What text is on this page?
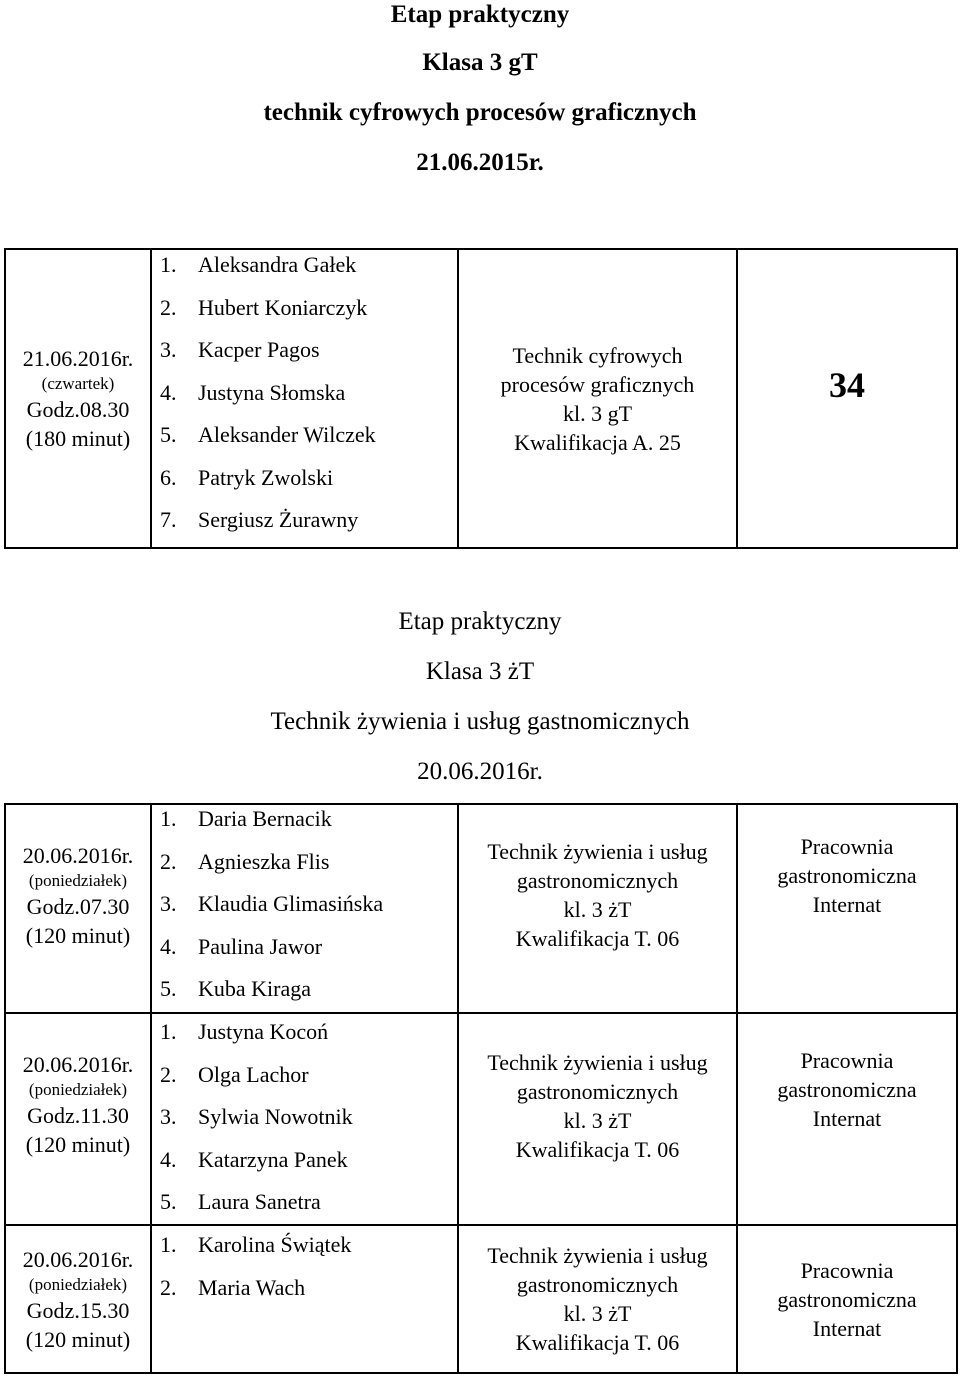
Etap praktyczny
Klasa 3 gT
technik cyfrowych procesów graficznych
21.06.2015r.
21.06.2016r.
(czwartek)
Godz.08.30
(180 minut)
1. Aleksandra Gałek
2. Hubert Koniarczyk
3. Kacper Pagos
4. Justyna Słomska
5. Aleksander Wilczek
6. Patryk Zwolski
7. Sergiusz Żurawny
Technik cyfrowych
procesów graficznych
kl. 3 gT
Kwalifikacja A. 25
34
Etap praktyczny
Klasa 3 żT
Technik żywienia i usług gastnomicznych
20.06.2016r.
20.06.2016r.
(poniedziałek)
Godz.07.30
(120 minut)
1. Daria Bernacik
2. Agnieszka Flis
3. Klaudia Glimasińska
4. Paulina Jawor
5. Kuba Kiraga
Technik żywienia i usług
gastronomicznych
kl. 3 żT
Kwalifikacja T. 06
Pracownia
gastronomiczna
Internat
20.06.2016r.
(poniedziałek)
Godz.11.30
(120 minut)
1. Justyna Kocoń
2. Olga Lachor
3. Sylwia Nowotnik
4. Katarzyna Panek
5. Laura Sanetra
Technik żywienia i usług
gastronomicznych
kl. 3 żT
Kwalifikacja T. 06
Pracownia
gastronomiczna
Internat
20.06.2016r.
(poniedziałek)
Godz.15.30
(120 minut)
1. Karolina Świątek
2. Maria Wach
Technik żywienia i usług
gastronomicznych
kl. 3 żT
Kwalifikacja T. 06
Pracownia
gastronomiczna
Internat
